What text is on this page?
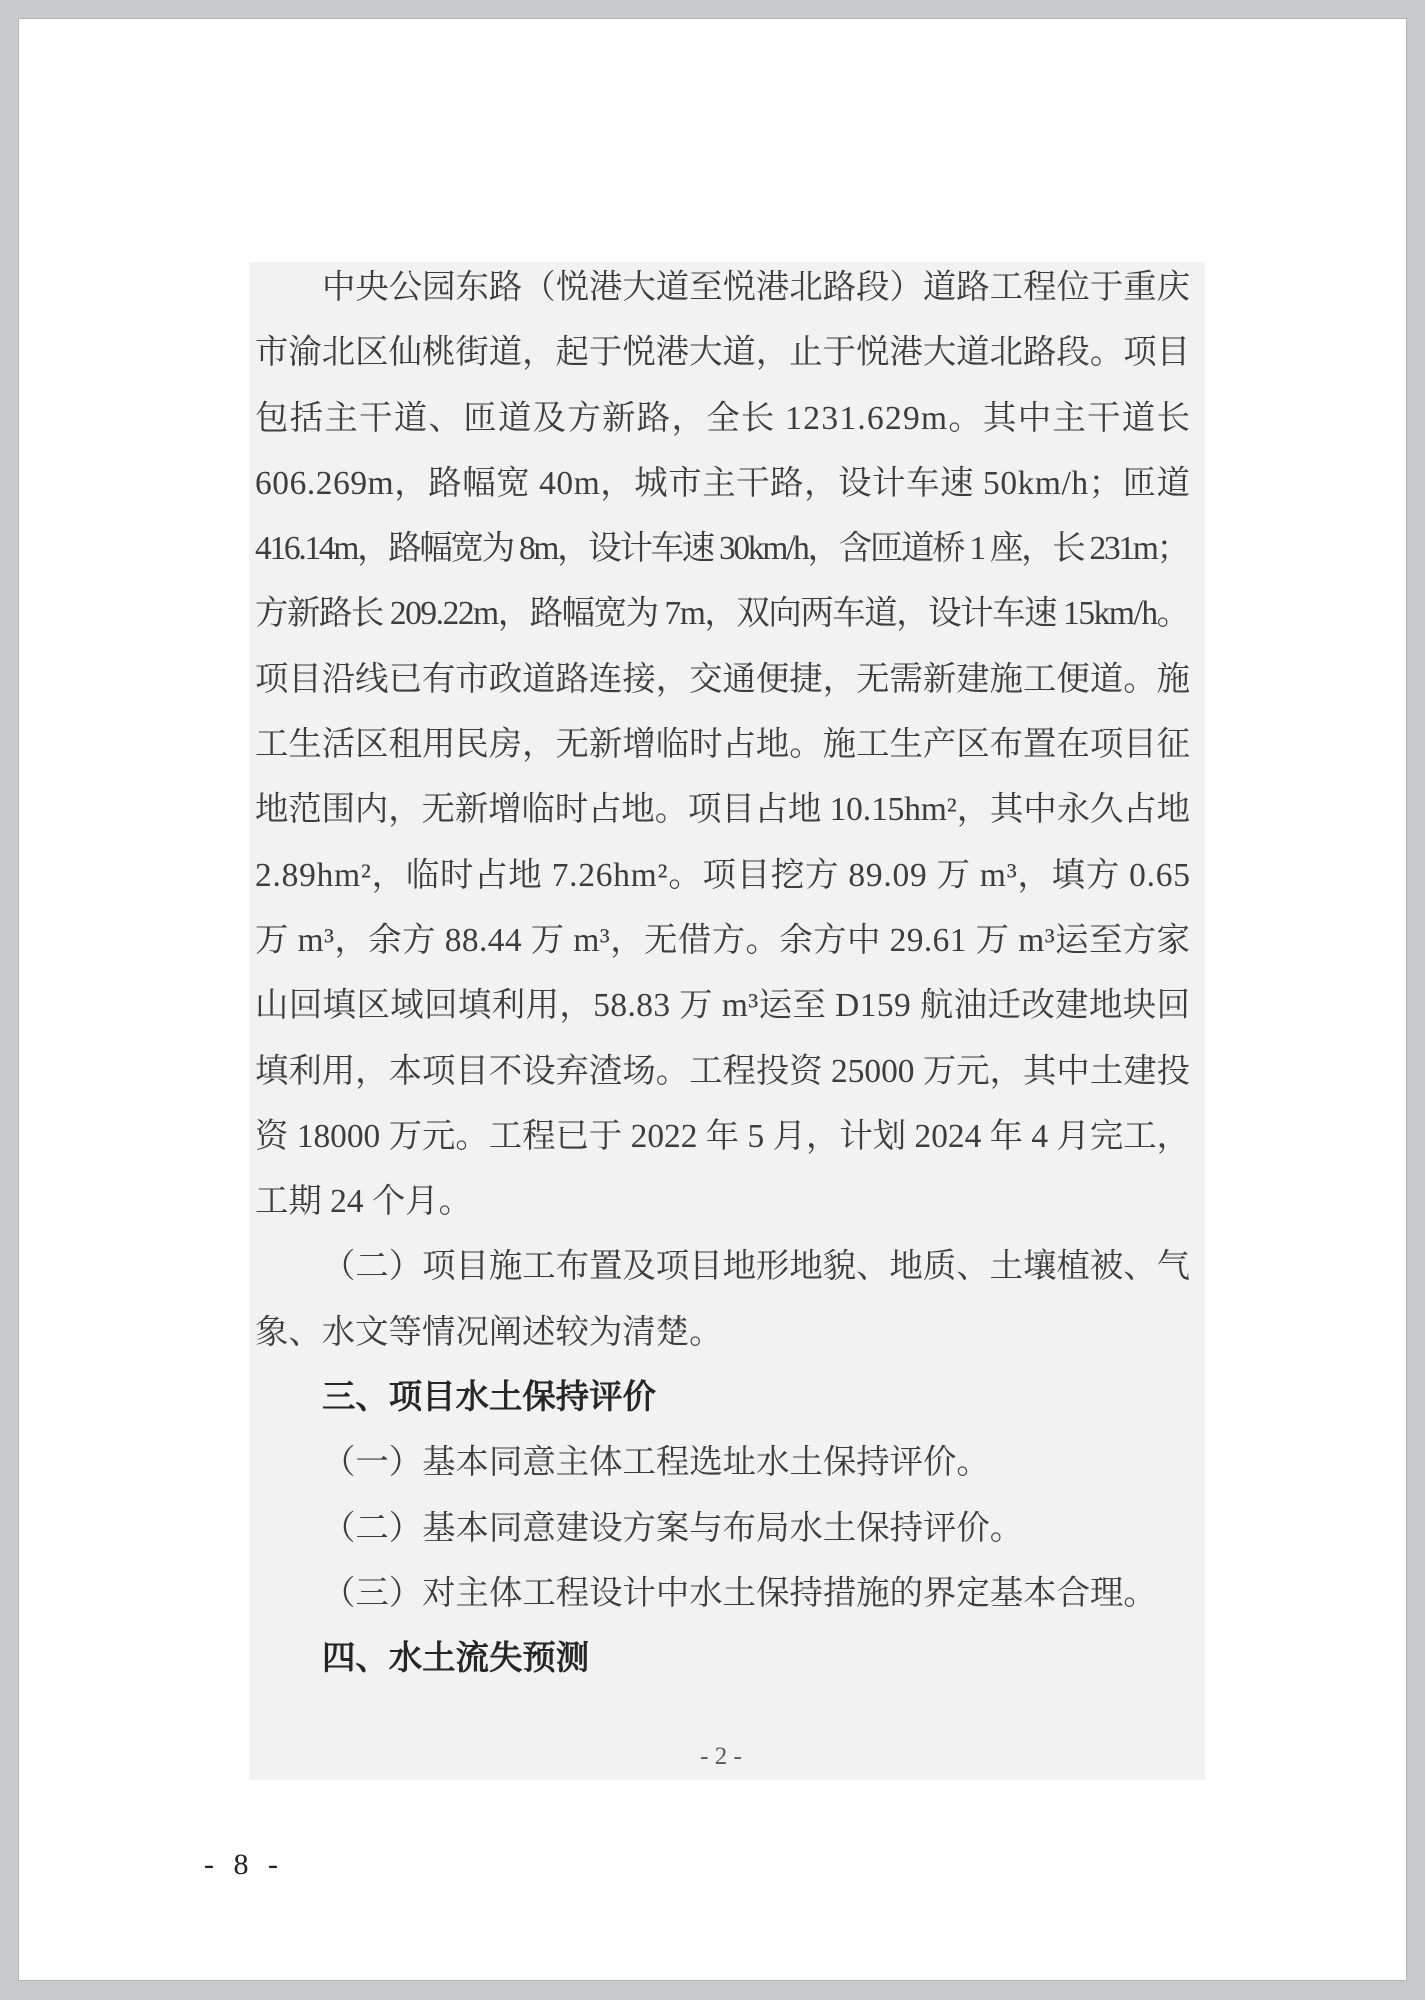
中央公园东路（悦港大道至悦港北路段）道路工程位于重庆
市渝北区仙桃街道，起于悦港大道，止于悦港大道北路段。项目
包括主干道、匝道及方新路，全长 1231.629m。其中主干道长
606.269m，路幅宽 40m，城市主干路，设计车速 50km/h；匝道
416.14m，路幅宽为 8m，设计车速 30km/h，含匝道桥 1 座，长 231m；
方新路长 209.22m，路幅宽为 7m，双向两车道，设计车速 15km/h。
项目沿线已有市政道路连接，交通便捷，无需新建施工便道。施
工生活区租用民房，无新增临时占地。施工生产区布置在项目征
地范围内，无新增临时占地。项目占地 10.15hm²，其中永久占地
2.89hm²，临时占地 7.26hm²。项目挖方 89.09 万 m³，填方 0.65
万 m³，余方 88.44 万 m³，无借方。余方中 29.61 万 m³运至方家
山回填区域回填利用，58.83 万 m³运至 D159 航油迁改建地块回
填利用，本项目不设弃渣场。工程投资 25000 万元，其中土建投
资 18000 万元。工程已于 2022 年 5 月，计划 2024 年 4 月完工，
工期 24 个月。
（二）项目施工布置及项目地形地貌、地质、土壤植被、气
象、水文等情况阐述较为清楚。
三、项目水土保持评价
（一）基本同意主体工程选址水土保持评价。
（二）基本同意建设方案与布局水土保持评价。
（三）对主体工程设计中水土保持措施的界定基本合理。
四、水土流失预测
- 2 -
- 8 -
